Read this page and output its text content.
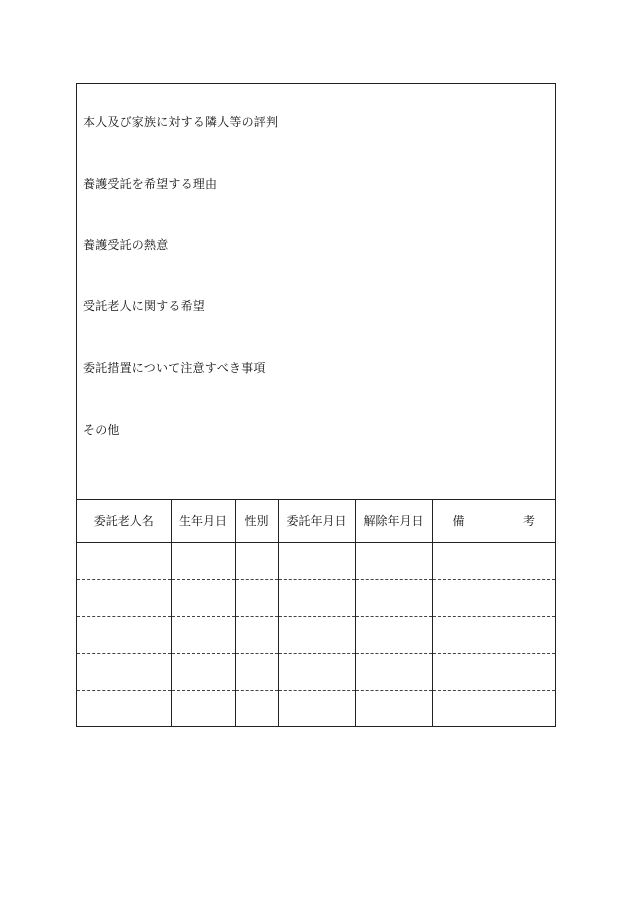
本人及び家族に対する隣人等の評判
養護受託を希望する理由
養護受託の熱意
受託老人に関する希望
委託措置について注意すべき事項
その他
委託老人名	生年月日	性別	委託年月日	解除年月日	備 考
